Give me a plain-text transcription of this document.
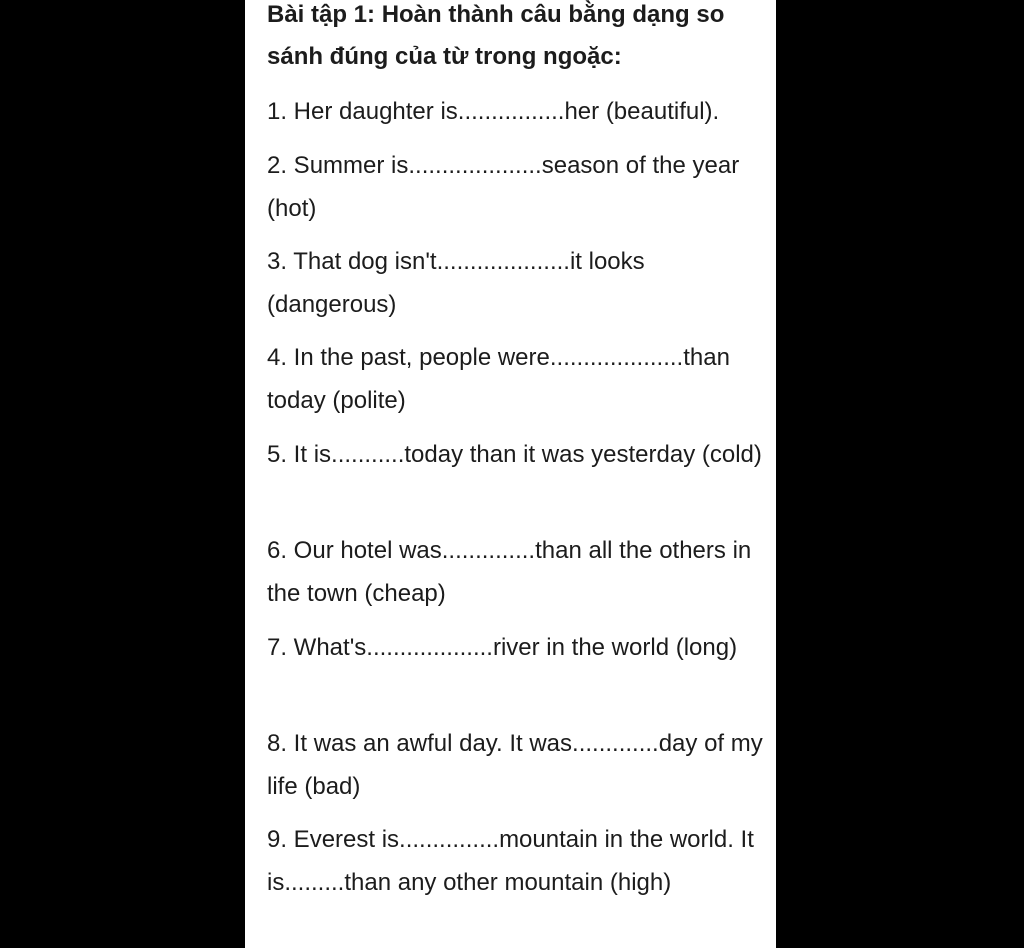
Bài tập 1: Hoàn thành câu bằng dạng so sánh đúng của từ trong ngoặc:

1. Her daughter is................her (beautiful).

2. Summer is....................season of the year (hot)

3. That dog isn't....................it looks (dangerous)

4. In the past, people were....................than today (polite)

5. It is...........today than it was yesterday (cold)

6. Our hotel was..............than all the others in the town (cheap)

7. What's...................river in the world (long)

8. It was an awful day. It was.............day of my life (bad)

9. Everest is...............mountain in the world. It is.........than any other mountain (high)
